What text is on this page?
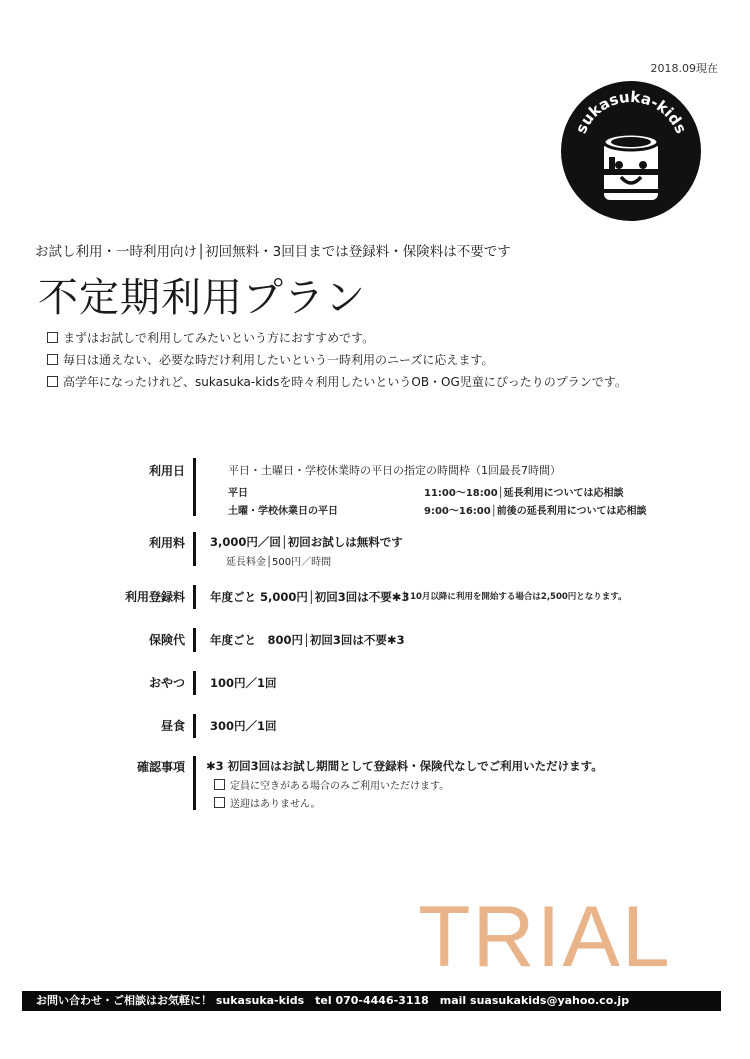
2018.09現在
sukasuka-kids
お試し利用・一時利用向け│初回無料・3回目までは登録料・保険料は不要です
不定期利用プラン
まずはお試しで利用してみたいという方におすすめです。
毎日は通えない、必要な時だけ利用したいという一時利用のニーズに応えます。
高学年になったけれど、sukasuka-kidsを時々利用したいというOB・OG児童にぴったりのプランです。
利用日	平日・土曜日・学校休業時の平日の指定の時間枠（1回最長7時間）
平日	11:00〜18:00│延長利用については応相談
土曜・学校休業日の平日	9:00〜16:00│前後の延長利用については応相談
利用料 3,000円／回│初回お試しは無料です
延長料金│500円／時間
利用登録料 年度ごと 5,000円│初回3回は不要✱3
│ 10月以降に利用を開始する場合は2,500円となります。
保険代 年度ごと　800円│初回3回は不要✱3
おやつ 100円／1回
昼食 300円／1回
確認事項 ✱3 初回3回はお試し期間として登録料・保険代なしでご利用いただけます。
定員に空きがある場合のみご利用いただけます。
送迎はありません。
TRIAL
お問い合わせ・ご相談はお気軽に！ sukasuka-kids　tel 070-4446-3118　mail suasukakids@yahoo.co.jp
